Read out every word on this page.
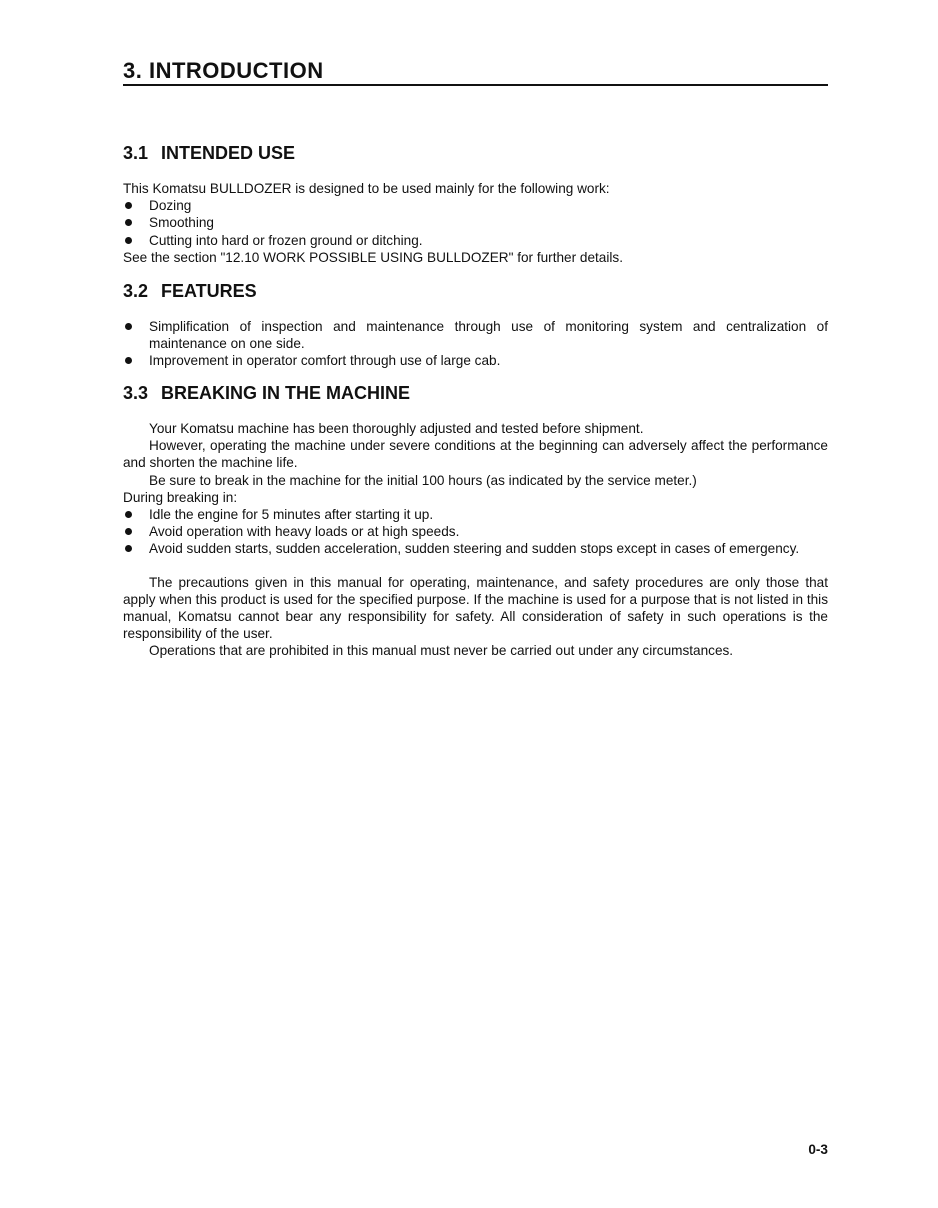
3. INTRODUCTION
3.1 INTENDED USE

This Komatsu BULLDOZER is designed to be used mainly for the following work:

Dozing
Smoothing
Cutting into hard or frozen ground or ditching.

See the section "12.10 WORK POSSIBLE USING BULLDOZER" for further details.

3.2 FEATURES
Simplification of inspection and maintenance through use of monitoring system and centralization of maintenance on one side.
Improvement in operator comfort through use of large cab.
3.3 BREAKING IN THE MACHINE

Your Komatsu machine has been thoroughly adjusted and tested before shipment.

However, operating the machine under severe conditions at the beginning can adversely affect the performance and shorten the machine life.

Be sure to break in the machine for the initial 100 hours (as indicated by the service meter.)

During breaking in:

Idle the engine for 5 minutes after starting it up.
Avoid operation with heavy loads or at high speeds.
Avoid sudden starts, sudden acceleration, sudden steering and sudden stops except in cases of emergency.

The precautions given in this manual for operating, maintenance, and safety procedures are only those that apply when this product is used for the specified purpose. If the machine is used for a purpose that is not listed in this manual, Komatsu cannot bear any responsibility for safety. All consideration of safety in such operations is the responsibility of the user.

Operations that are prohibited in this manual must never be carried out under any circumstances.

0-3
